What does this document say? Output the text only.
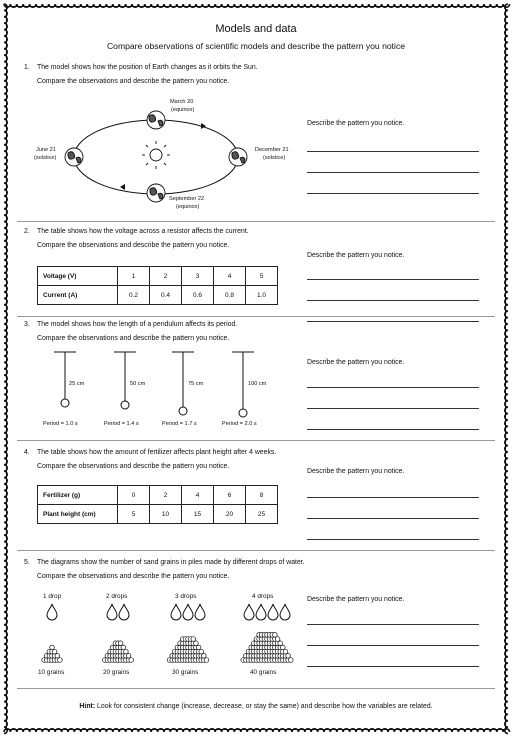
Models and data
Compare observations of scientific models and describe the pattern you notice
1. The model shows how the position of Earth changes as it orbits the Sun.
Compare the observations and describe the pattern you notice.
March 20
(equinox)
June 21
(solstice)
December 21
(solstice)
September 22
(equinox)
Describe the pattern you notice.
2. The table shows how the voltage across a resistor affects the current.
Compare the observations and describe the pattern you notice.
Voltage (V)	1	2	3	4	5
Current (A)	0.2	0.4	0.6	0.8	1.0
Describe the pattern you notice.
3. The model shows how the length of a pendulum affects its period.
Compare the observations and describe the pattern you notice.
25 cm	50 cm	75 cm	100 cm
Period = 1.0 s	Period = 1.4 s	Period = 1.7 s	Period = 2.0 s
Describe the pattern you notice.
4. The table shows how the amount of fertilizer affects plant height after 4 weeks.
Compare the observations and describe the pattern you notice.
Fertilizer (g)	0	2	4	6	8
Plant height (cm)	5	10	15	20	25
Describe the pattern you notice.
5. The diagrams show the number of sand grains in piles made by different drops of water.
Compare the observations and describe the pattern you notice.
1 drop	2 drops	3 drops	4 drops
10 grains	20 grains	30 grains	40 grains
Describe the pattern you notice.
Hint: Look for consistent change (increase, decrease, or stay the same) and describe how the variables are related.
